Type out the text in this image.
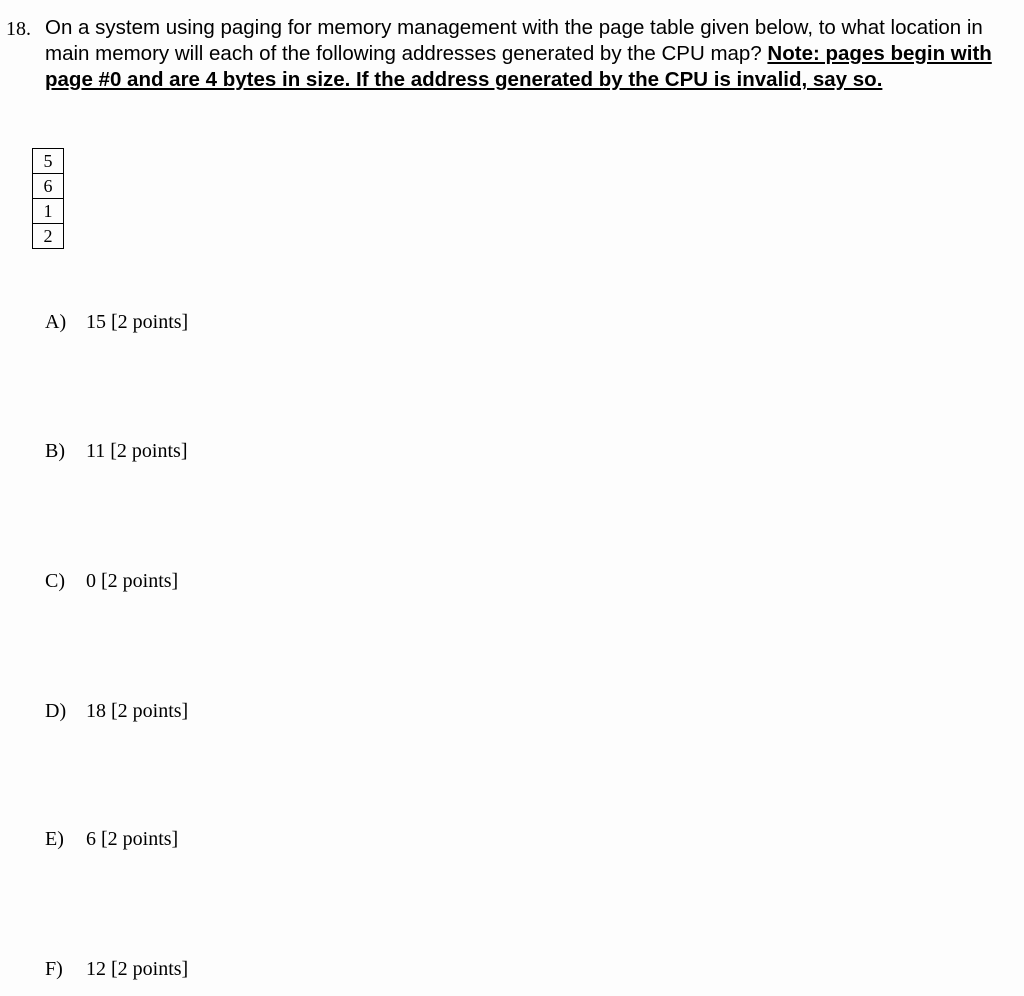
18. On a system using paging for memory management with the page table given below, to what location in main memory will each of the following addresses generated by the CPU map? Note: pages begin with page #0 and are 4 bytes in size. If the address generated by the CPU is invalid, say so.
5
6
1
2
A) 15 [2 points]
B) 11 [2 points]
C) 0 [2 points]
D) 18 [2 points]
E) 6 [2 points]
F) 12 [2 points]
